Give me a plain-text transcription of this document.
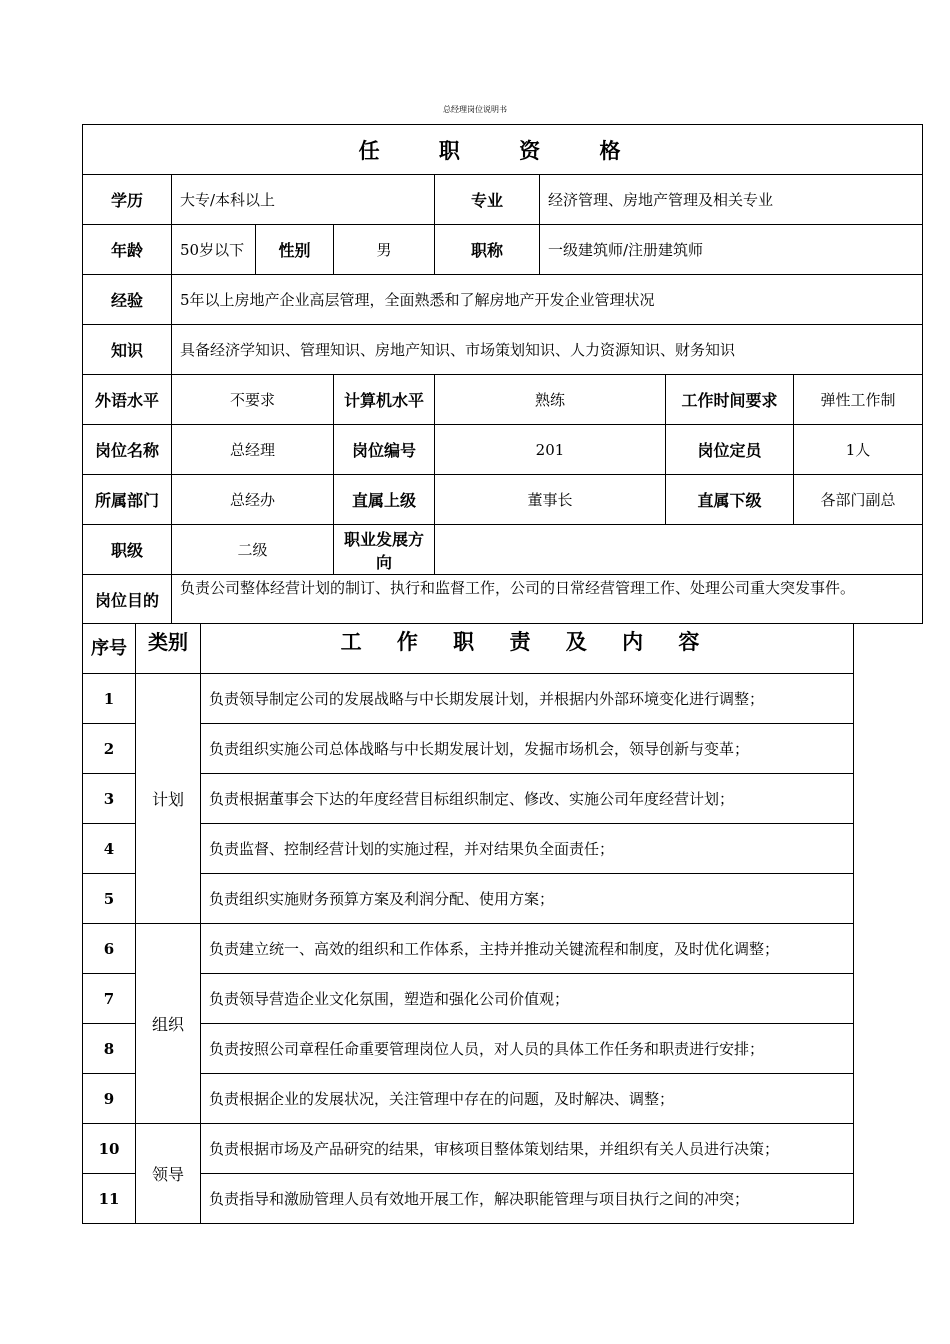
总经理岗位说明书
任 职 资 格							
学历	大专/本科以上			专业	经济管理、房地产管理及相关专业		
年龄	50岁以下	性别	男	职称	一级建筑师/注册建筑师		
经验	5年以上房地产企业高层管理，全面熟悉和了解房地产开发企业管理状况						
知识	具备经济学知识、管理知识、房地产知识、市场策划知识、人力资源知识、财务知识						
外语水平	不要求		计算机水平	熟练		工作时间要求	弹性工作制
岗位名称	总经理		岗位编号	201		岗位定员	1人
所属部门	总经办		直属上级	董事长		直属下级	各部门副总
职级	二级		职业发展方向				
岗位目的	负责公司整体经营计划的制订、执行和监督工作，公司的日常经营管理工作、处理公司重大突发事件。						
序号	类别	工 作 职 责 及 内 容
1	计划	负责领导制定公司的发展战略与中长期发展计划，并根据内外部环境变化进行调整；
2		负责组织实施公司总体战略与中长期发展计划，发掘市场机会，领导创新与变革；
3		负责根据董事会下达的年度经营目标组织制定、修改、实施公司年度经营计划；
4		负责监督、控制经营计划的实施过程，并对结果负全面责任；
5		负责组织实施财务预算方案及利润分配、使用方案；
6	组织	负责建立统一、高效的组织和工作体系，主持并推动关键流程和制度，及时优化调整；
7		负责领导营造企业文化氛围，塑造和强化公司价值观；
8		负责按照公司章程任命重要管理岗位人员，对人员的具体工作任务和职责进行安排；
9		负责根据企业的发展状况，关注管理中存在的问题，及时解决、调整；
10	领导	负责根据市场及产品研究的结果，审核项目整体策划结果，并组织有关人员进行决策；
11		负责指导和激励管理人员有效地开展工作，解决职能管理与项目执行之间的冲突；
